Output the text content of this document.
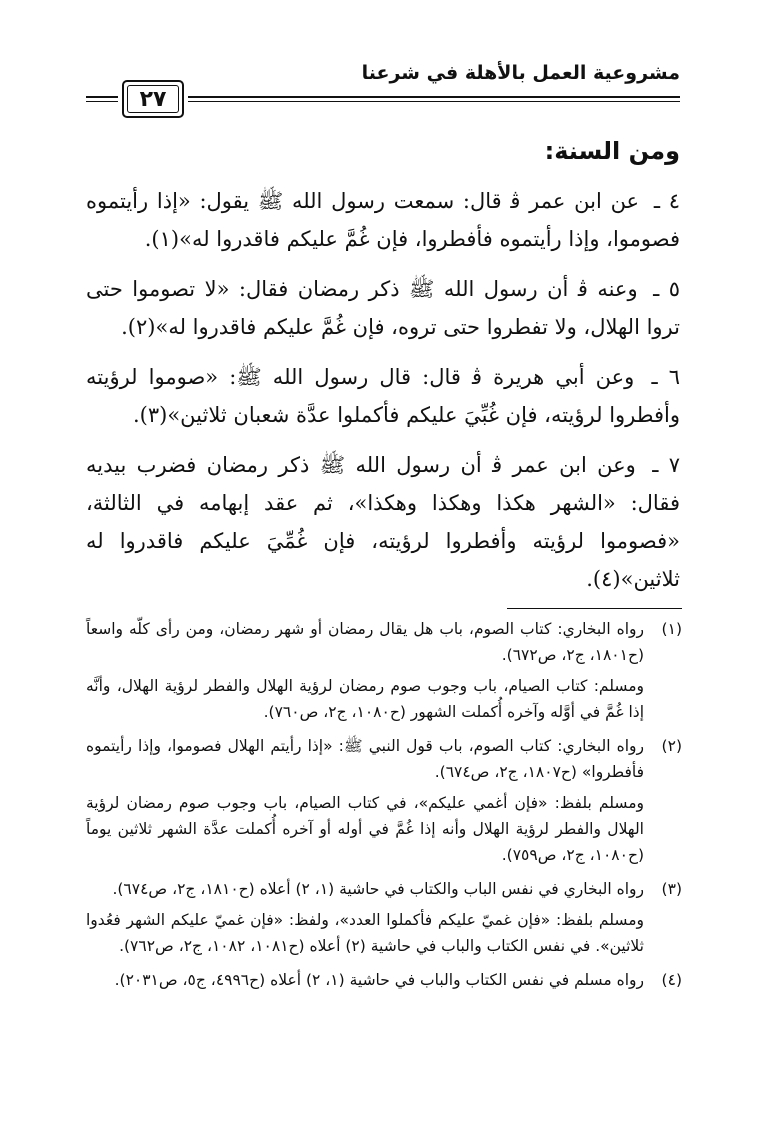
مشروعية العمل بالأهلة في شرعنا
٢٧
ومن السنة:

٤ ـ عن ابن عمر ﭬ قال: سمعت رسول الله ﷺ يقول: «إذا رأيتموه فصوموا، وإذا رأيتموه فأفطروا، فإن غُمَّ عليكم فاقدروا له»(١).

٥ ـ وعنه ﭬ أن رسول الله ﷺ ذكر رمضان فقال: «لا تصوموا حتى تروا الهلال، ولا تفطروا حتى تروه، فإن غُمَّ عليكم فاقدروا له»(٢).

٦ ـ وعن أبي هريرة ﭬ قال: قال رسول الله ﷺ: «صوموا لرؤيته وأفطروا لرؤيته، فإن غُبِّيَ عليكم فأكملوا عدَّة شعبان ثلاثين»(٣).

٧ ـ وعن ابن عمر ﭬ أن رسول الله ﷺ ذكر رمضان فضرب بيديه فقال: «الشهر هكذا وهكذا وهكذا»، ثم عقد إبهامه في الثالثة، «فصوموا لرؤيته وأفطروا لرؤيته، فإن غُمِّيَ عليكم فاقدروا له ثلاثين»(٤).

(١)

رواه البخاري: كتاب الصوم، باب هل يقال رمضان أو شهر رمضان، ومن رأى كلّه واسعاً (ح١٨٠١، ج٢، ص٦٧٢).

ومسلم: كتاب الصيام، باب وجوب صوم رمضان لرؤية الهلال والفطر لرؤية الهلال، وأنَّه إذا غُمَّ في أوَّله وآخره أُكملت الشهور (ح١٠٨٠، ج٢، ص٧٦٠).

(٢)

رواه البخاري: كتاب الصوم، باب قول النبي ﷺ: «إذا رأيتم الهلال فصوموا، وإذا رأيتموه فأفطروا» (ح١٨٠٧، ج٢، ص٦٧٤).

ومسلم بلفظ: «فإن أغمي عليكم»، في كتاب الصيام، باب وجوب صوم رمضان لرؤية الهلال والفطر لرؤية الهلال وأنه إذا غُمَّ في أوله أو آخره أُكملت عدَّة الشهر ثلاثين يوماً (ح١٠٨٠، ج٢، ص٧٥٩).

(٣)

رواه البخاري في نفس الباب والكتاب في حاشية (١، ٢) أعلاه (ح١٨١٠، ج٢، ص٦٧٤).

ومسلم بلفظ: «فإن غميّ عليكم فأكملوا العدد»، ولفظ: «فإن غميّ عليكم الشهر فعُدوا ثلاثين». في نفس الكتاب والباب في حاشية (٢) أعلاه (ح١٠٨١، ١٠٨٢، ج٢، ص٧٦٢).

(٤)

رواه مسلم في نفس الكتاب والباب في حاشية (١، ٢) أعلاه (ح٤٩٩٦، ج٥، ص٢٠٣١).
